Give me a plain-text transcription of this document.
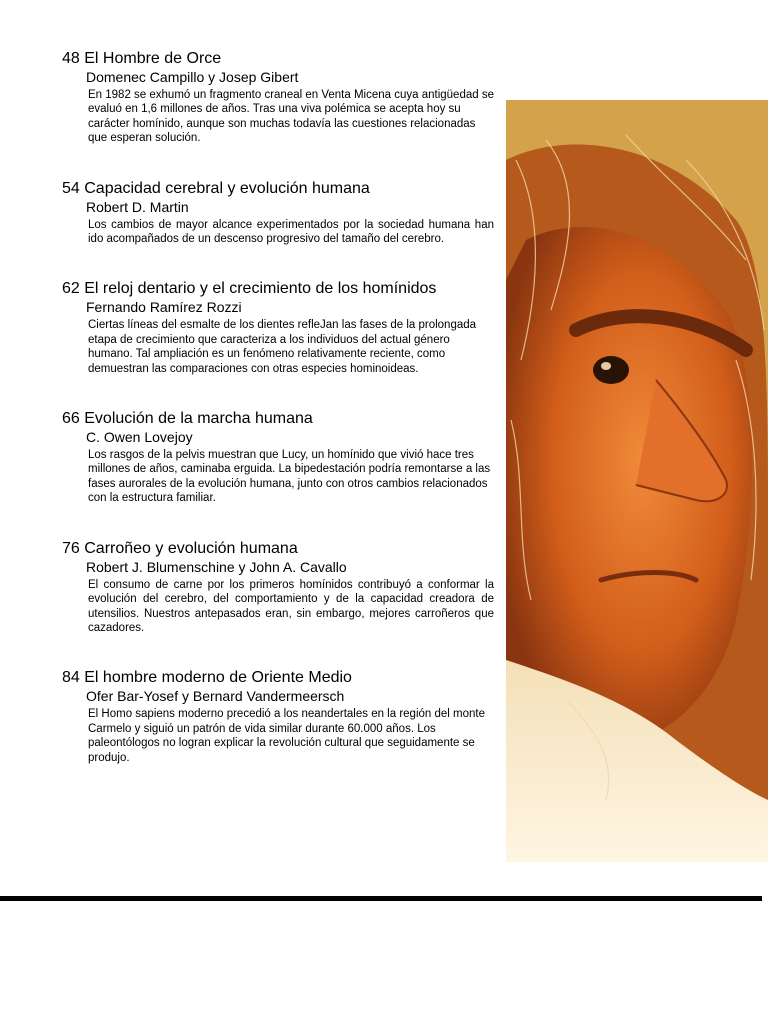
48 El Hombre de Orce

Domenec Campillo y Josep Gibert

En 1982 se exhumó un fragmento craneal en Venta Micena cuya antigüedad se evaluó en 1,6 millones de años. Tras una viva polémica se acepta hoy su carácter homínido, aunque son muchas todavía las cuestiones relacionadas que esperan solución.

54 Capacidad cerebral y evolución humana

Robert D. Martin

Los cambios de mayor alcance experimentados por la sociedad humana han ido acompañados de un descenso progresivo del tamaño del cerebro.

62 El reloj dentario y el crecimiento de los homínidos

Fernando Ramírez Rozzi

Ciertas líneas del esmalte de los dientes refleJan las fases de la prolongada etapa de crecimiento que caracteriza a los individuos del actual género humano. Tal ampliación es un fenómeno relativamente reciente, como demuestran las comparaciones con otras especies hominoideas.

66 Evolución de la marcha humana

C. Owen Lovejoy

Los rasgos de la pelvis muestran que Lucy, un homínido que vivió hace tres millones de años, caminaba erguida. La bipedestación podría remontarse a las fases aurorales de la evolución humana, junto con otros cambios relacionados con la estructura familiar.

76 Carroñeo y evolución humana

Robert J. Blumenschine y John A. Cavallo

El consumo de carne por los primeros homínidos contribuyó a conformar la evolución del cerebro, del comportamiento y de la capacidad creadora de utensilios. Nuestros antepasados eran, sin embargo, mejores carroñeros que cazadores.

84 El hombre moderno de Oriente Medio

Ofer Bar-Yosef y Bernard Vandermeersch

El Homo sapiens moderno precedió a los neandertales en la región del monte Carmelo y siguió un patrón de vida similar durante 60.000 años. Los paleontólogos no logran explicar la revolución cultural que seguidamente se produjo.
